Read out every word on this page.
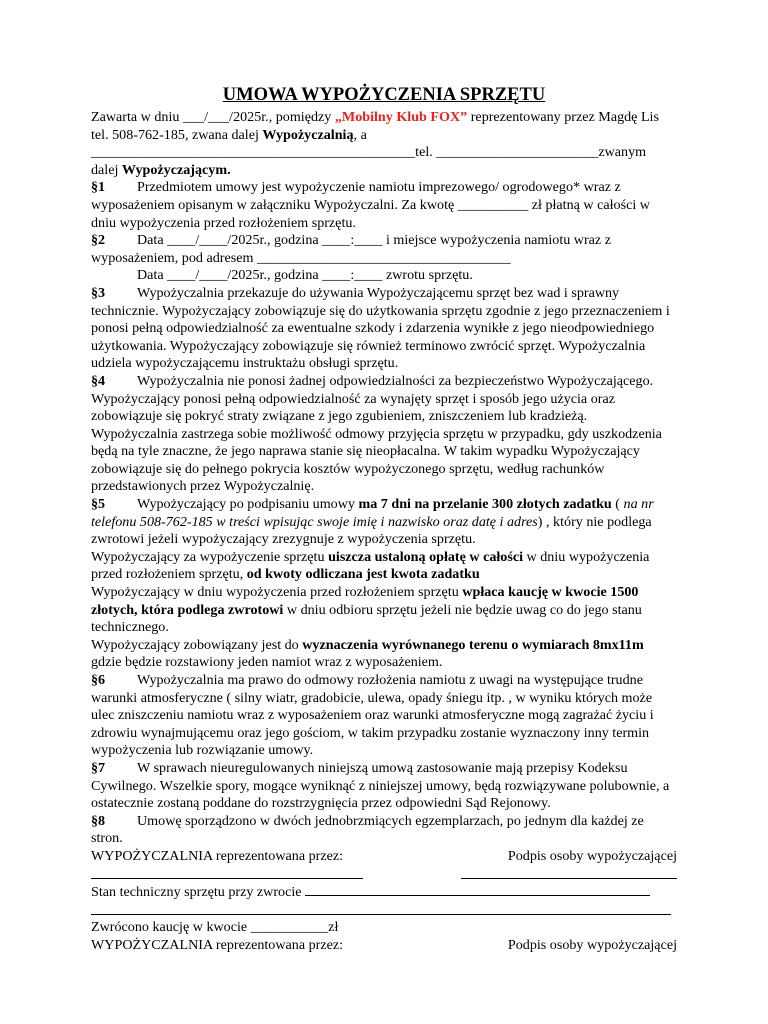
UMOWA WYPOŻYCZENIA SPRZĘTU

Zawarta w dniu ___/___/2025r., pomiędzy „Mobilny Klub FOX” reprezentowany przez Magdę Lis tel. 508-762-185, zwana dalej Wypożyczalnią, a ______________________________________________tel. _______________________zwanym dalej Wypożyczającym.

§1 Przedmiotem umowy jest wypożyczenie namiotu imprezowego/ ogrodowego* wraz z wyposażeniem opisanym w załączniku Wypożyczalni. Za kwotę __________ zł płatną w całości w dniu wypożyczenia przed rozłożeniem sprzętu.

§2 Data ____/____/2025r., godzina ____:____ i miejsce wypożyczenia namiotu wraz z wyposażeniem, pod adresem ____________________________________

Data ____/____/2025r., godzina ____:____ zwrotu sprzętu.

§3 Wypożyczalnia przekazuje do używania Wypożyczającemu sprzęt bez wad i sprawny technicznie. Wypożyczający zobowiązuje się do użytkowania sprzętu zgodnie z jego przeznaczeniem i ponosi pełną odpowiedzialność za ewentualne szkody i zdarzenia wynikłe z jego nieodpowiedniego użytkowania. Wypożyczający zobowiązuje się również terminowo zwrócić sprzęt. Wypożyczalnia udziela wypożyczającemu instruktażu obsługi sprzętu.

§4 Wypożyczalnia nie ponosi żadnej odpowiedzialności za bezpieczeństwo Wypożyczającego. Wypożyczający ponosi pełną odpowiedzialność za wynajęty sprzęt i sposób jego użycia oraz zobowiązuje się pokryć straty związane z jego zgubieniem, zniszczeniem lub kradzieżą. Wypożyczalnia zastrzega sobie możliwość odmowy przyjęcia sprzętu w przypadku, gdy uszkodzenia będą na tyle znaczne, że jego naprawa stanie się nieopłacalna. W takim wypadku Wypożyczający zobowiązuje się do pełnego pokrycia kosztów wypożyczonego sprzętu, według rachunków przedstawionych przez Wypożyczalnię.

§5 Wypożyczający po podpisaniu umowy ma 7 dni na przelanie 300 złotych zadatku ( na nr telefonu 508-762-185 w treści wpisując swoje imię i nazwisko oraz datę i adres) , który nie podlega zwrotowi jeżeli wypożyczający zrezygnuje z wypożyczenia sprzętu.

Wypożyczający za wypożyczenie sprzętu uiszcza ustaloną opłatę w całości w dniu wypożyczenia przed rozłożeniem sprzętu, od kwoty odliczana jest kwota zadatku

Wypożyczający w dniu wypożyczenia przed rozłożeniem sprzętu wpłaca kaucję w kwocie 1500 złotych, która podlega zwrotowi w dniu odbioru sprzętu jeżeli nie będzie uwag co do jego stanu technicznego.

Wypożyczający zobowiązany jest do wyznaczenia wyrównanego terenu o wymiarach 8mx11m gdzie będzie rozstawiony jeden namiot wraz z wyposażeniem.

§6 Wypożyczalnia ma prawo do odmowy rozłożenia namiotu z uwagi na występujące trudne warunki atmosferyczne ( silny wiatr, gradobicie, ulewa, opady śniegu itp. , w wyniku których może ulec zniszczeniu namiotu wraz z wyposażeniem oraz warunki atmosferyczne mogą zagrażać życiu i zdrowiu wynajmującemu oraz jego gościom, w takim przypadku zostanie wyznaczony inny termin wypożyczenia lub rozwiązanie umowy.

§7 W sprawach nieuregulowanych niniejszą umową zastosowanie mają przepisy Kodeksu Cywilnego. Wszelkie spory, mogące wyniknąć z niniejszej umowy, będą rozwiązywane polubownie, a ostatecznie zostaną poddane do rozstrzygnięcia przez odpowiedni Sąd Rejonowy.

§8 Umowę sporządzono w dwóch jednobrzmiących egzemplarzach, po jednym dla każdej ze stron.

WYPOŻYCZALNIA reprezentowana przez:	Podpis osoby wypożyczającej

Stan techniczny sprzętu przy zwrocie

Zwrócono kaucję w kwocie ___________zł

WYPOŻYCZALNIA reprezentowana przez:	Podpis osoby wypożyczającej
